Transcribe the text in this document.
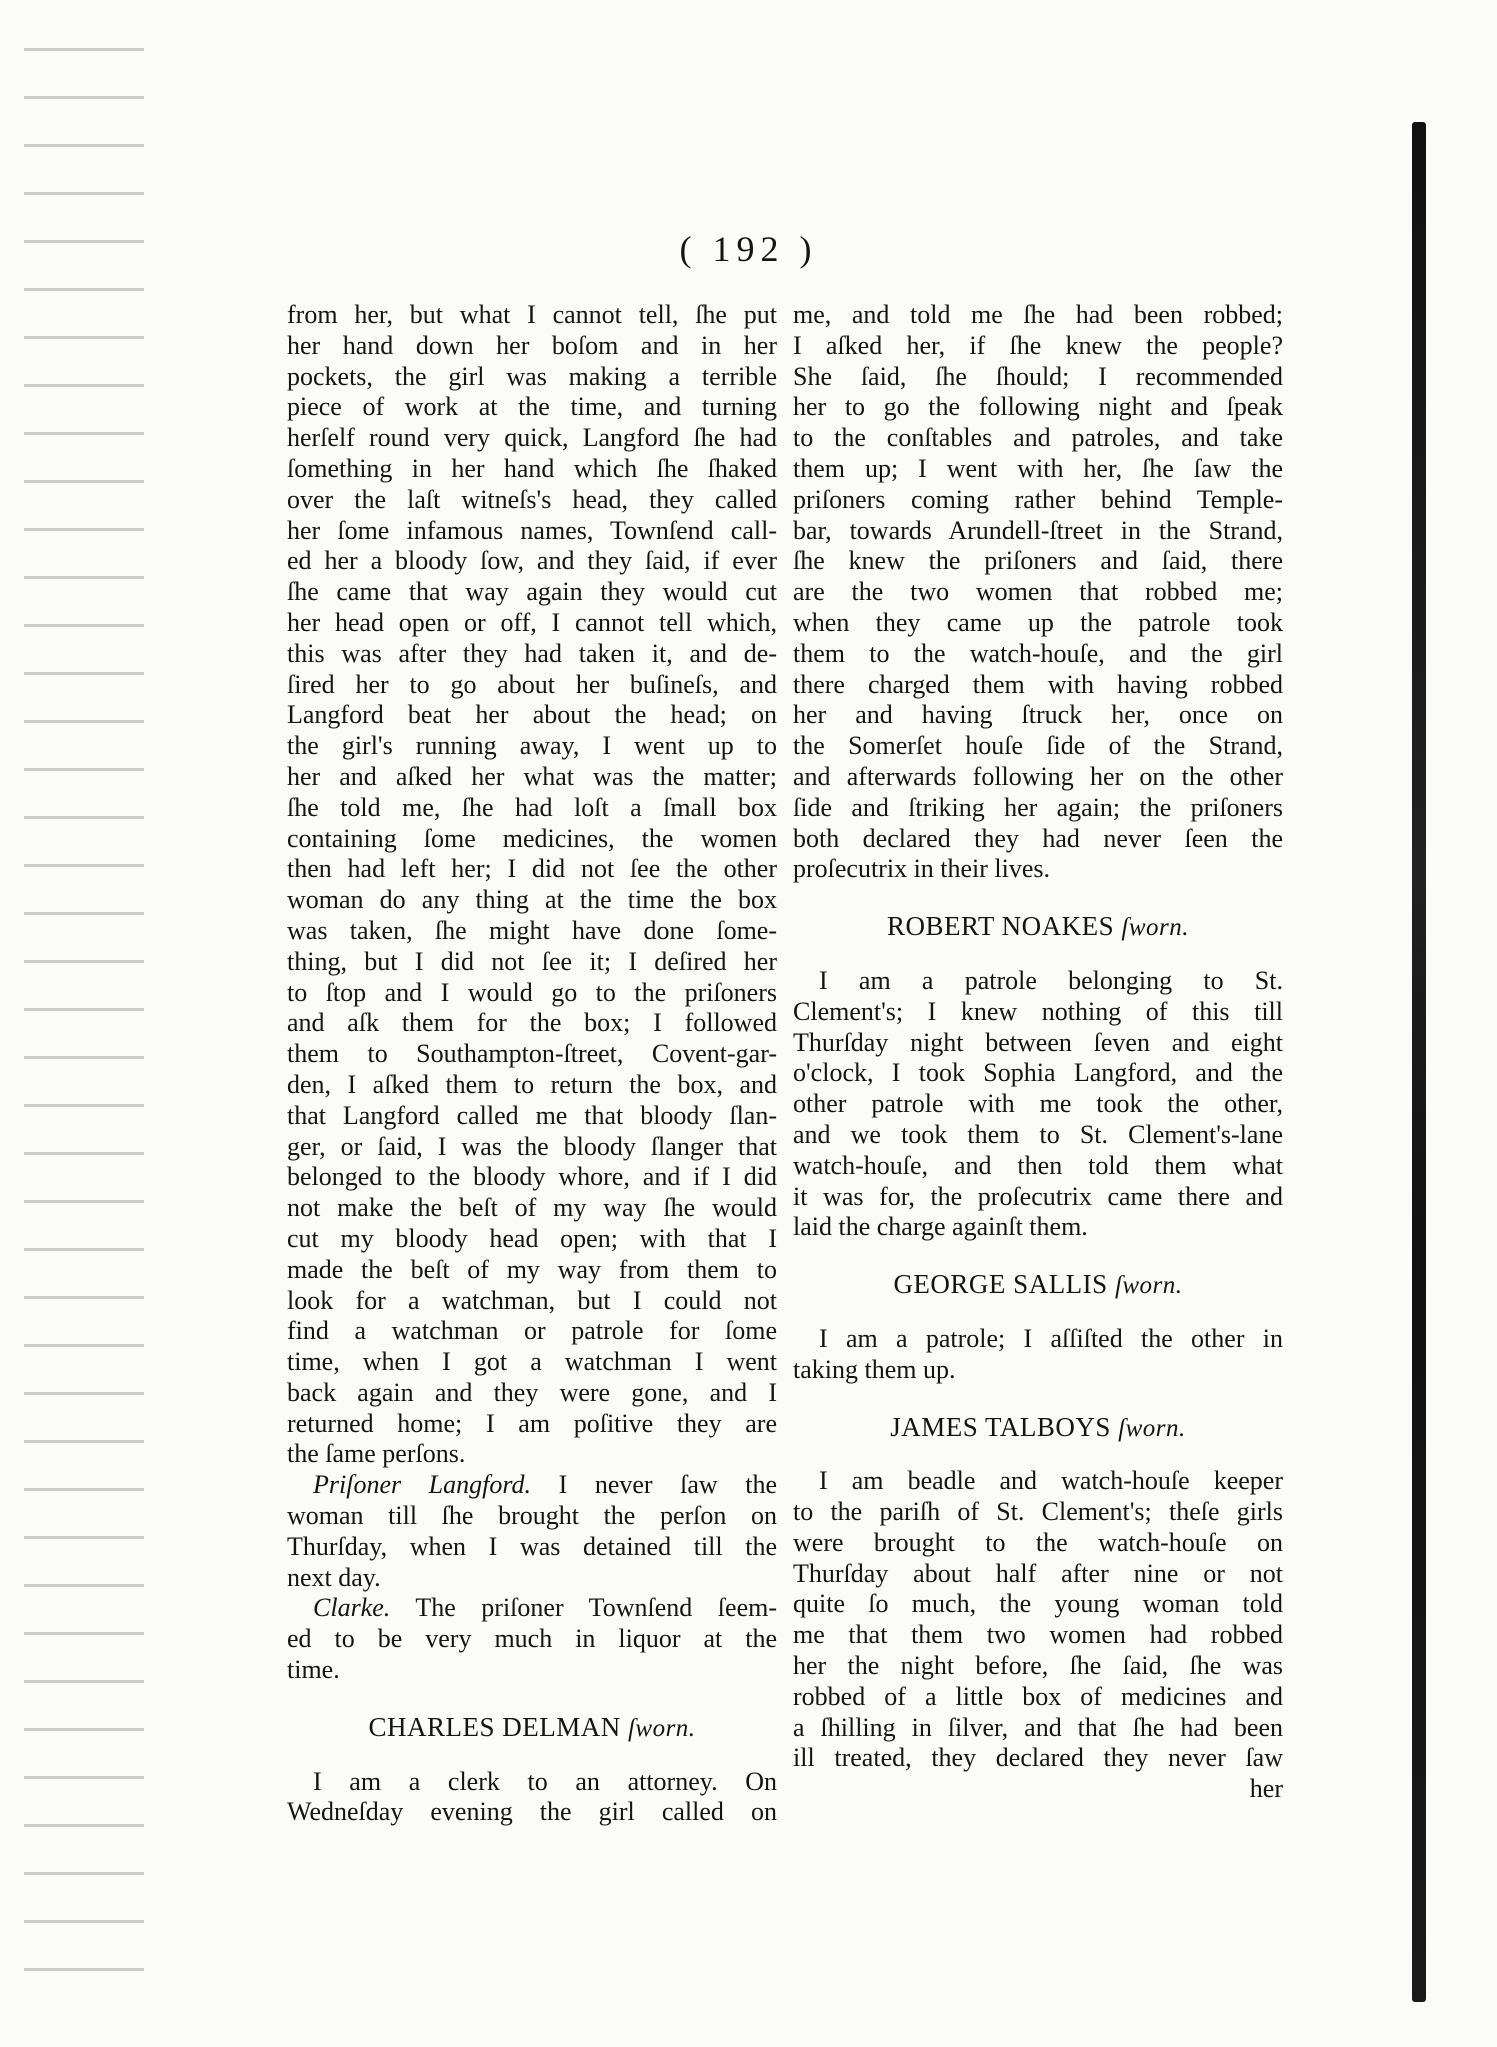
( 192 )
from her, but what I cannot tell, ſhe put
her hand down her boſom and in her
pockets, the girl was making a terrible
piece of work at the time, and turning
herſelf round very quick, Langford ſhe had
ſomething in her hand which ſhe ſhaked
over the laſt witneſs's head, they called
her ſome infamous names, Townſend call-
ed her a bloody ſow, and they ſaid, if ever
ſhe came that way again they would cut
her head open or off, I cannot tell which,
this was after they had taken it, and de-
ſired her to go about her buſineſs, and
Langford beat her about the head; on
the girl's running away, I went up to
her and aſked her what was the matter;
ſhe told me, ſhe had loſt a ſmall box
containing ſome medicines, the women
then had left her; I did not ſee the other
woman do any thing at the time the box
was taken, ſhe might have done ſome-
thing, but I did not ſee it; I deſired her
to ſtop and I would go to the priſoners
and aſk them for the box; I followed
them to Southampton-ſtreet, Covent-gar-
den, I aſked them to return the box, and
that Langford called me that bloody ſlan-
ger, or ſaid, I was the bloody ſlanger that
belonged to the bloody whore, and if I did
not make the beſt of my way ſhe would
cut my bloody head open; with that I
made the beſt of my way from them to
look for a watchman, but I could not
find a watchman or patrole for ſome
time, when I got a watchman I went
back again and they were gone, and I
returned home; I am poſitive they are
the ſame perſons.
Priſoner Langford. I never ſaw the
woman till ſhe brought the perſon on
Thurſday, when I was detained till the
next day.
Clarke. The priſoner Townſend ſeem-
ed to be very much in liquor at the
time.
CHARLES DELMAN ſworn.
I am a clerk to an attorney. On
Wedneſday evening the girl called on
me, and told me ſhe had been robbed;
I aſked her, if ſhe knew the people?
She ſaid, ſhe ſhould; I recommended
her to go the following night and ſpeak
to the conſtables and patroles, and take
them up; I went with her, ſhe ſaw the
priſoners coming rather behind Temple-
bar, towards Arundell-ſtreet in the Strand,
ſhe knew the priſoners and ſaid, there
are the two women that robbed me;
when they came up the patrole took
them to the watch-houſe, and the girl
there charged them with having robbed
her and having ſtruck her, once on
the Somerſet houſe ſide of the Strand,
and afterwards following her on the other
ſide and ſtriking her again; the priſoners
both declared they had never ſeen the
proſecutrix in their lives.
ROBERT NOAKES ſworn.
I am a patrole belonging to St.
Clement's; I knew nothing of this till
Thurſday night between ſeven and eight
o'clock, I took Sophia Langford, and the
other patrole with me took the other,
and we took them to St. Clement's-lane
watch-houſe, and then told them what
it was for, the proſecutrix came there and
laid the charge againſt them.
GEORGE SALLIS ſworn.
I am a patrole; I aſſiſted the other in
taking them up.
JAMES TALBOYS ſworn.
I am beadle and watch-houſe keeper
to the pariſh of St. Clement's; theſe girls
were brought to the watch-houſe on
Thurſday about half after nine or not
quite ſo much, the young woman told
me that them two women had robbed
her the night before, ſhe ſaid, ſhe was
robbed of a little box of medicines and
a ſhilling in ſilver, and that ſhe had been
ill treated, they declared they never ſaw
her
